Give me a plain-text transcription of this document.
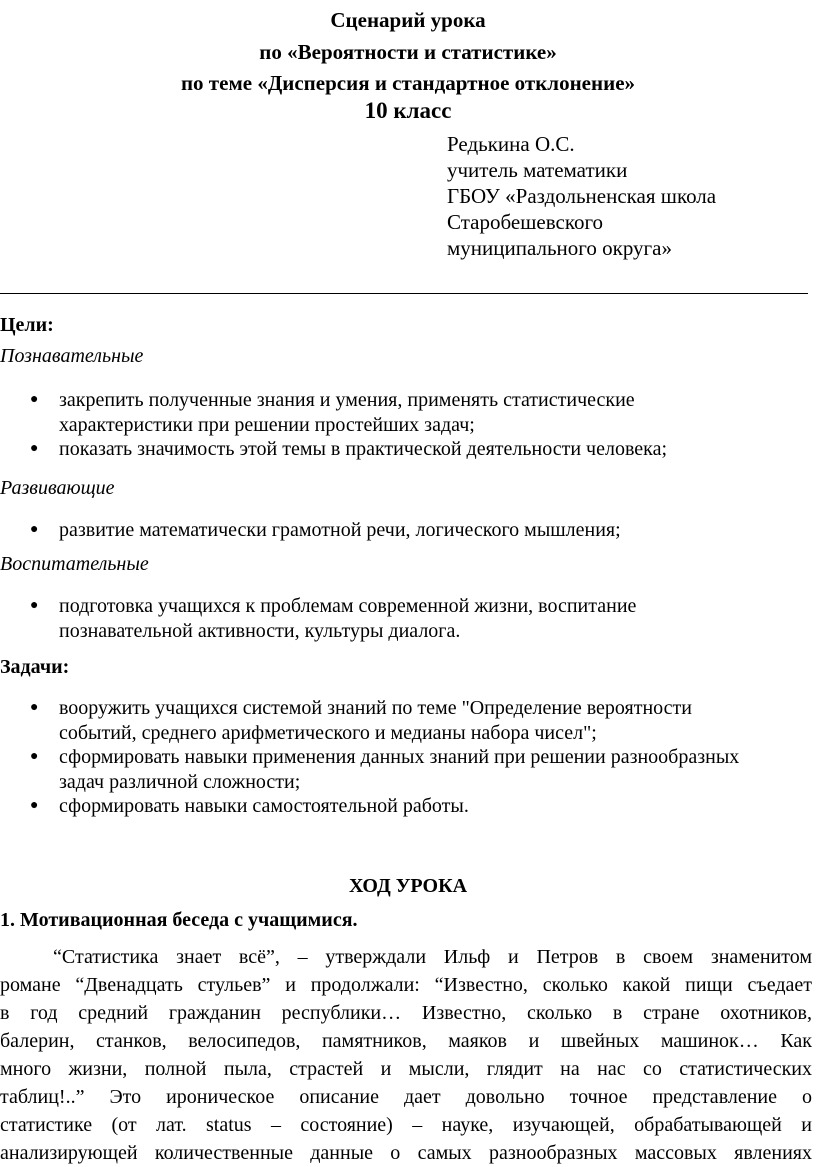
Сценарий урока
по «Вероятности и статистике»
по теме «Дисперсия и стандартное отклонение»
10 класс
Редькина О.С.
учитель математики
ГБОУ «Раздольненская школа
Старобешевского
муниципального округа»
Цели:
Познавательные
● закрепить полученные знания и умения, применять статистические
характеристики при решении простейших задач;
● показать значимость этой темы в практической деятельности человека;
Развивающие
● развитие математически грамотной речи, логического мышления;
Воспитательные
● подготовка учащихся к проблемам современной жизни, воспитание
познавательной активности, культуры диалога.
Задачи:
● вооружить учащихся системой знаний по теме "Определение вероятности
событий, среднего арифметического и медианы набора чисел";
● сформировать навыки применения данных знаний при решении разнообразных
задач различной сложности;
● сформировать навыки самостоятельной работы.
ХОД УРОКА
1. Мотивационная беседа с учащимися.
“Статистика знает всё”, – утверждали Ильф и Петров в своем знаменитом
романе “Двенадцать стульев” и продолжали: “Известно, сколько какой пищи съедает
в год средний гражданин республики… Известно, сколько в стране охотников,
балерин, станков, велосипедов, памятников, маяков и швейных машинок… Как
много жизни, полной пыла, страстей и мысли, глядит на нас со статистических
таблиц!..” Это ироническое описание дает довольно точное представление о
статистике (от лат. status – состояние) – науке, изучающей, обрабатывающей и
анализирующей количественные данные о самых разнообразных массовых явлениях
